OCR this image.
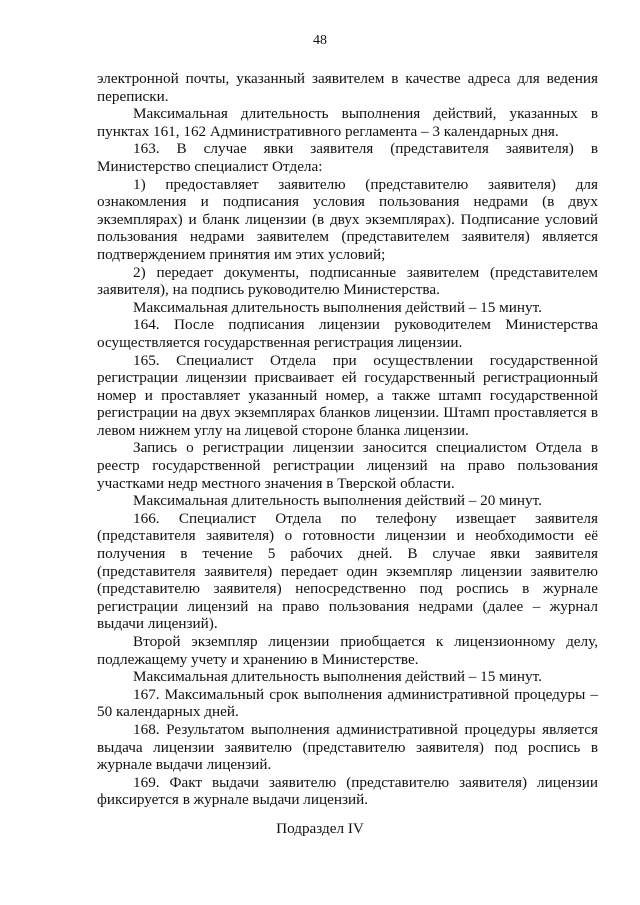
48

электронной почты, указанный заявителем в качестве адреса для ведения переписки.

Максимальная длительность выполнения действий, указанных в пунктах 161, 162 Административного регламента – 3 календарных дня.

163. В случае явки заявителя (представителя заявителя) в Министерство специалист Отдела:

1) предоставляет заявителю (представителю заявителя) для ознакомления и подписания условия пользования недрами (в двух экземплярах) и бланк лицензии (в двух экземплярах). Подписание условий пользования недрами заявителем (представителем заявителя) является подтверждением принятия им этих условий;

2) передает документы, подписанные заявителем (представителем заявителя), на подпись руководителю Министерства.

Максимальная длительность выполнения действий – 15 минут.

164. После подписания лицензии руководителем Министерства осуществляется государственная регистрация лицензии.

165. Специалист Отдела при осуществлении государственной регистрации лицензии присваивает ей государственный регистрационный номер и проставляет указанный номер, а также штамп государственной регистрации на двух экземплярах бланков лицензии. Штамп проставляется в левом нижнем углу на лицевой стороне бланка лицензии.

Запись о регистрации лицензии заносится специалистом Отдела в реестр государственной регистрации лицензий на право пользования участками недр местного значения в Тверской области.

Максимальная длительность выполнения действий – 20 минут.

166. Специалист Отдела по телефону извещает заявителя (представителя заявителя) о готовности лицензии и необходимости её получения в течение 5 рабочих дней. В случае явки заявителя (представителя заявителя) передает один экземпляр лицензии заявителю (представителю заявителя) непосредственно под роспись в журнале регистрации лицензий на право пользования недрами (далее – журнал выдачи лицензий).

Второй экземпляр лицензии приобщается к лицензионному делу, подлежащему учету и хранению в Министерстве.

Максимальная длительность выполнения действий – 15 минут.

167. Максимальный срок выполнения административной процедуры – 50 календарных дней.

168. Результатом выполнения административной процедуры является выдача лицензии заявителю (представителю заявителя) под роспись в журнале выдачи лицензий.

169. Факт выдачи заявителю (представителю заявителя) лицензии фиксируется в журнале выдачи лицензий.

Подраздел IV
